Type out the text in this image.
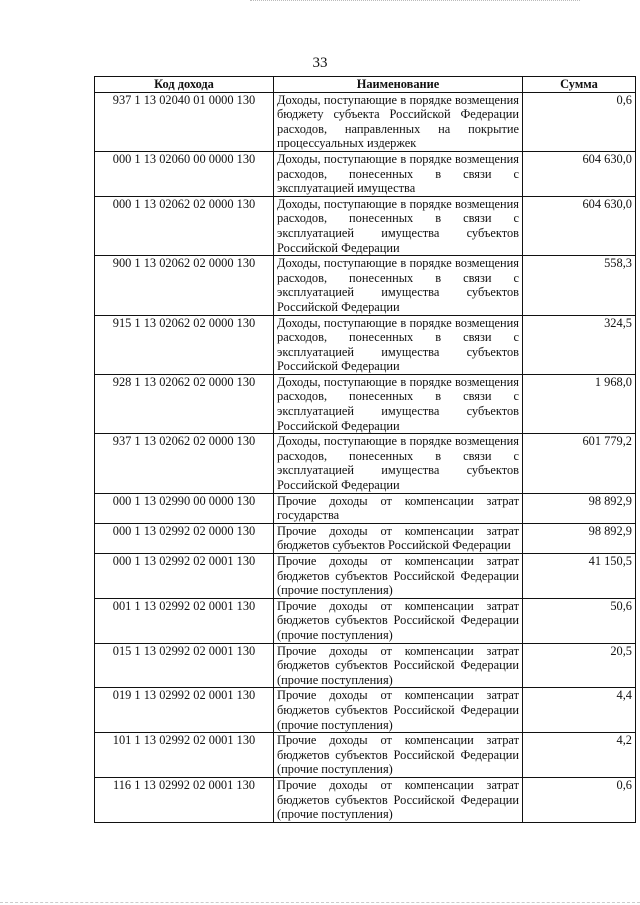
33
Код дохода	Наименование	Сумма
937 1 13 02040 01 0000 130	Доходы, поступающие в порядке возмещения бюджету субъекта Российской Федерации расходов, направленных на покрытие процессуальных издержек	0,6
000 1 13 02060 00 0000 130	Доходы, поступающие в порядке возмещения расходов, понесенных в связи с эксплуатацией имущества	604 630,0
000 1 13 02062 02 0000 130	Доходы, поступающие в порядке возмещения расходов, понесенных в связи с эксплуатацией имущества субъектов Российской Федерации	604 630,0
900 1 13 02062 02 0000 130	Доходы, поступающие в порядке возмещения расходов, понесенных в связи с эксплуатацией имущества субъектов Российской Федерации	558,3
915 1 13 02062 02 0000 130	Доходы, поступающие в порядке возмещения расходов, понесенных в связи с эксплуатацией имущества субъектов Российской Федерации	324,5
928 1 13 02062 02 0000 130	Доходы, поступающие в порядке возмещения расходов, понесенных в связи с эксплуатацией имущества субъектов Российской Федерации	1 968,0
937 1 13 02062 02 0000 130	Доходы, поступающие в порядке возмещения расходов, понесенных в связи с эксплуатацией имущества субъектов Российской Федерации	601 779,2
000 1 13 02990 00 0000 130	Прочие доходы от компенсации затрат государства	98 892,9
000 1 13 02992 02 0000 130	Прочие доходы от компенсации затрат бюджетов субъектов Российской Федерации	98 892,9
000 1 13 02992 02 0001 130	Прочие доходы от компенсации затрат бюджетов субъектов Российской Федерации (прочие поступления)	41 150,5
001 1 13 02992 02 0001 130	Прочие доходы от компенсации затрат бюджетов субъектов Российской Федерации (прочие поступления)	50,6
015 1 13 02992 02 0001 130	Прочие доходы от компенсации затрат бюджетов субъектов Российской Федерации (прочие поступления)	20,5
019 1 13 02992 02 0001 130	Прочие доходы от компенсации затрат бюджетов субъектов Российской Федерации (прочие поступления)	4,4
101 1 13 02992 02 0001 130	Прочие доходы от компенсации затрат бюджетов субъектов Российской Федерации (прочие поступления)	4,2
116 1 13 02992 02 0001 130	Прочие доходы от компенсации затрат бюджетов субъектов Российской Федерации (прочие поступления)	0,6
